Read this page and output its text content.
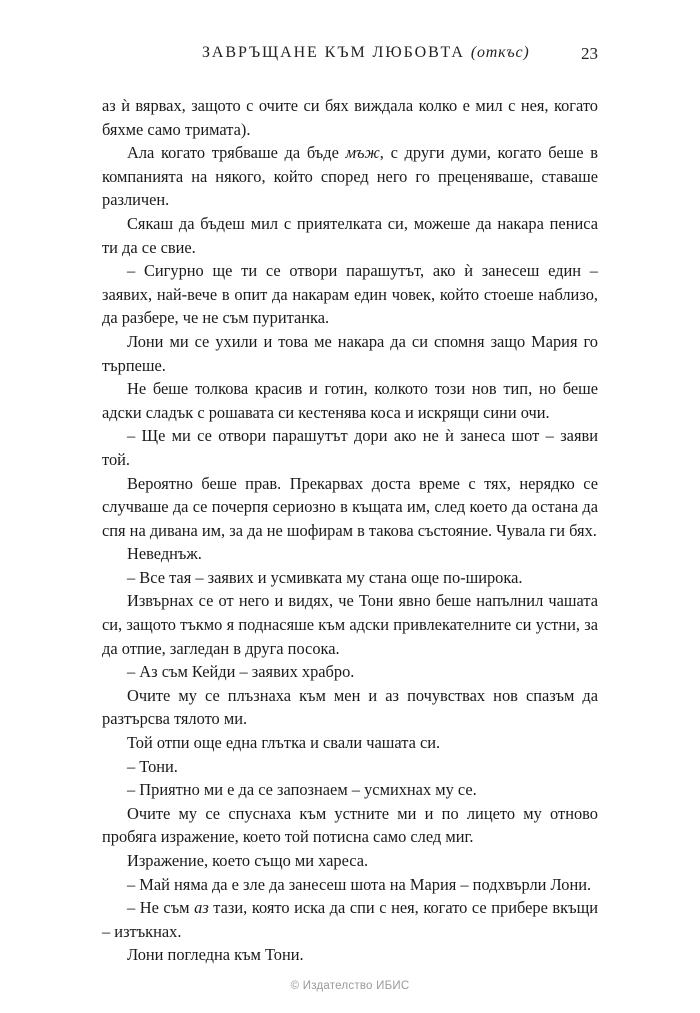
ЗАВРЪЩАНЕ КЪМ ЛЮБОВТА (откъс)	23

аз ѝ вярвах, защото с очите си бях виждала колко е мил с нея, когато бяхме само тримата).

Ала когато трябваше да бъде мъж, с други думи, когато беше в компанията на някого, който според него го преценяваше, ставаше различен.

Сякаш да бъдеш мил с приятелката си, можеше да накара пениса ти да се свие.

– Сигурно ще ти се отвори парашутът, ако ѝ занесеш един – заявих, най-вече в опит да накарам един човек, който стоеше наблизо, да разбере, че не съм пуританка.

Лони ми се ухили и това ме накара да си спомня защо Мария го търпеше.

Не беше толкова красив и готин, колкото този нов тип, но беше адски сладък с рошавата си кестенява коса и искрящи сини очи.

– Ще ми се отвори парашутът дори ако не ѝ занеса шот – заяви той.

Вероятно беше прав. Прекарвах доста време с тях, нерядко се случваше да се почерпя сериозно в къщата им, след което да остана да спя на дивана им, за да не шофирам в такова състояние. Чувала ги бях.

Неведнъж.

– Все тая – заявих и усмивката му стана още по-широка.

Извърнах се от него и видях, че Тони явно беше напълнил чашата си, защото тъкмо я поднасяше към адски привлекателните си устни, за да отпие, загледан в друга посока.

– Аз съм Кейди – заявих храбро.

Очите му се плъзнаха към мен и аз почувствах нов спазъм да разтърсва тялото ми.

Той отпи още една глътка и свали чашата си.

– Тони.

– Приятно ми е да се запознаем – усмихнах му се.

Очите му се спуснаха към устните ми и по лицето му отново пробяга изражение, което той потисна само след миг.

Изражение, което също ми хареса.

– Май няма да е зле да занесеш шота на Мария – подхвърли Лони.

– Не съм аз тази, която иска да спи с нея, когато се прибере вкъщи – изтъкнах.

Лони погледна към Тони.

© Издателство ИБИС
